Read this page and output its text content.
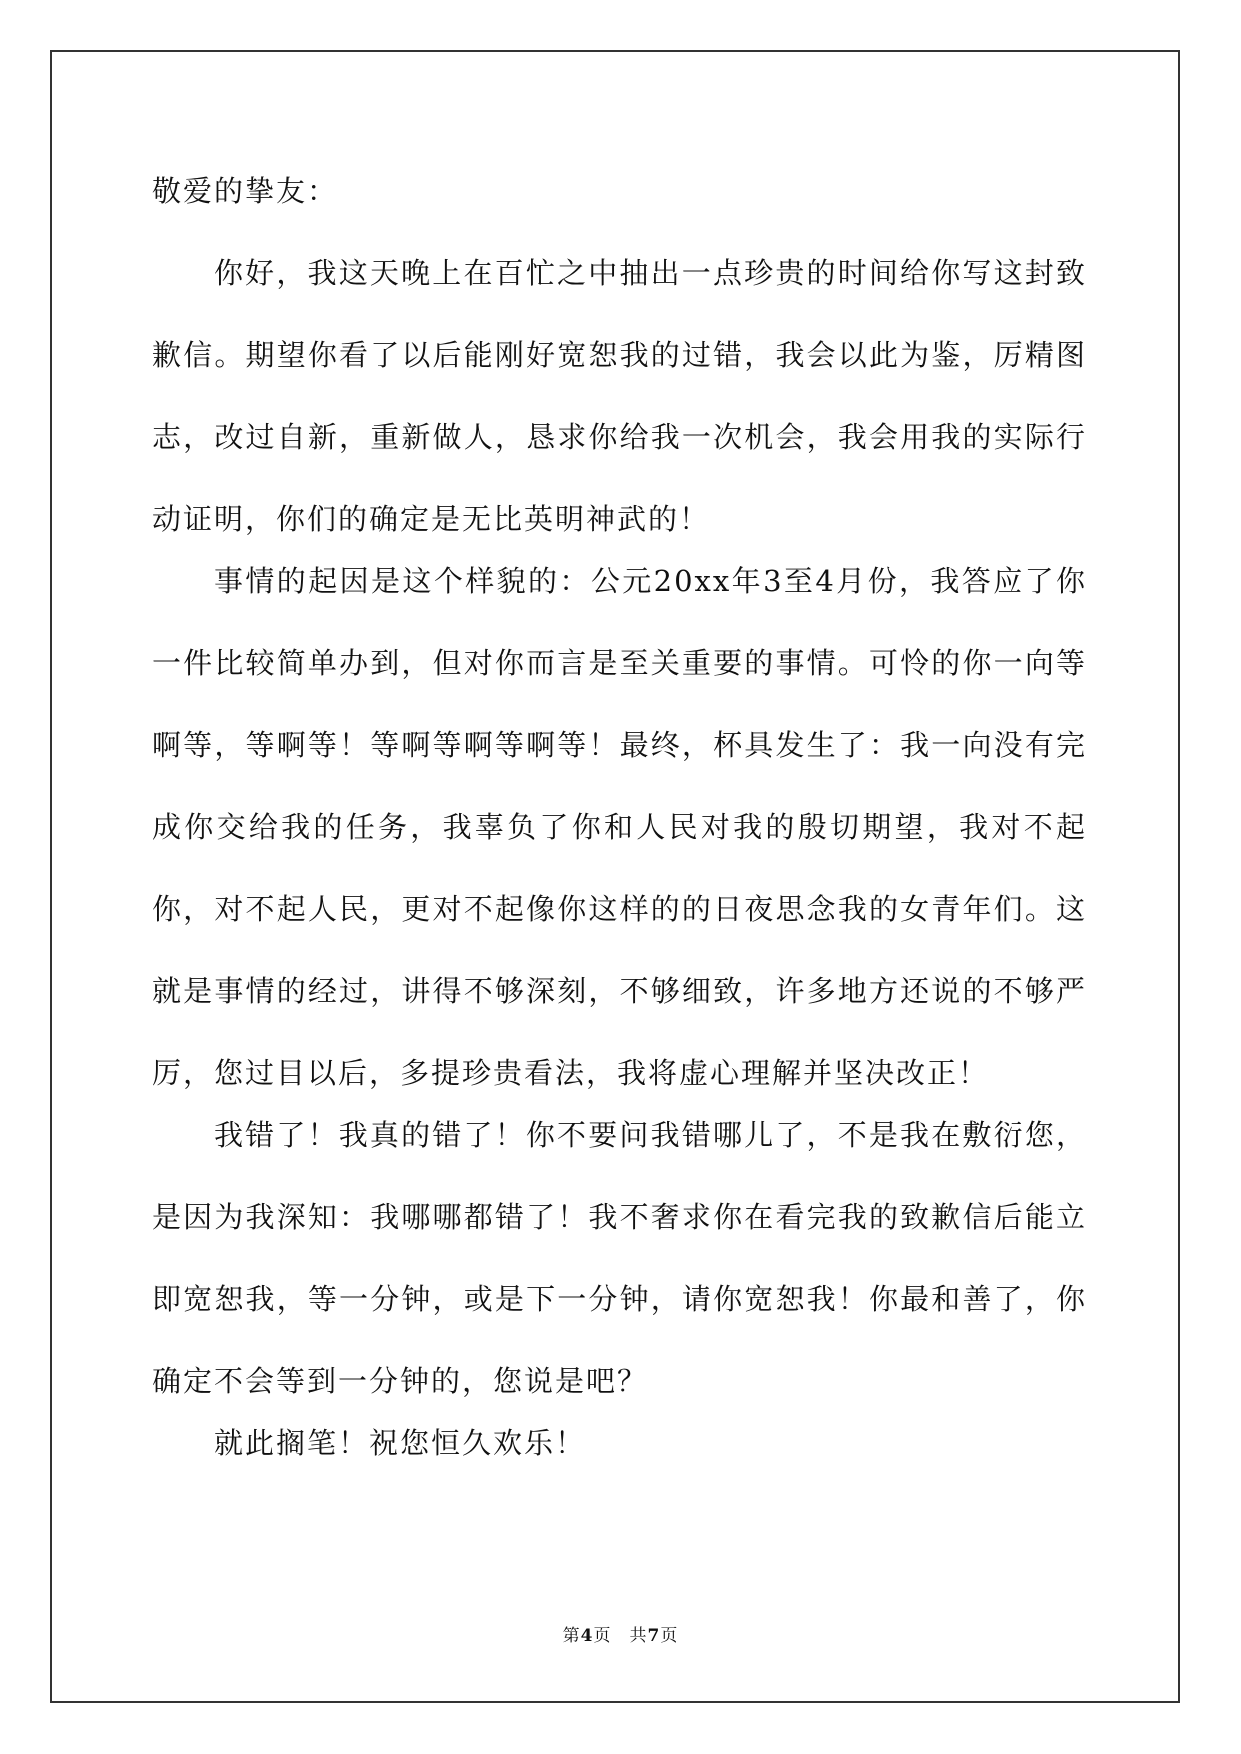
敬爱的挚友：

你好，我这天晚上在百忙之中抽出一点珍贵的时间给你写这封致歉信。期望你看了以后能刚好宽恕我的过错，我会以此为鉴，厉精图志，改过自新，重新做人，恳求你给我一次机会，我会用我的实际行动证明，你们的确定是无比英明神武的！

事情的起因是这个样貌的：公元20xx年3至4月份，我答应了你一件比较简单办到，但对你而言是至关重要的事情。可怜的你一向等啊等，等啊等！等啊等啊等啊等！最终，杯具发生了：我一向没有完成你交给我的任务，我辜负了你和人民对我的殷切期望，我对不起你，对不起人民，更对不起像你这样的的日夜思念我的女青年们。这就是事情的经过，讲得不够深刻，不够细致，许多地方还说的不够严厉，您过目以后，多提珍贵看法，我将虚心理解并坚决改正！

我错了！我真的错了！你不要问我错哪儿了，不是我在敷衍您，是因为我深知：我哪哪都错了！我不奢求你在看完我的致歉信后能立即宽恕我，等一分钟，或是下一分钟，请你宽恕我！你最和善了，你确定不会等到一分钟的，您说是吧？

就此搁笔！祝您恒久欢乐！

第4页 共7页
